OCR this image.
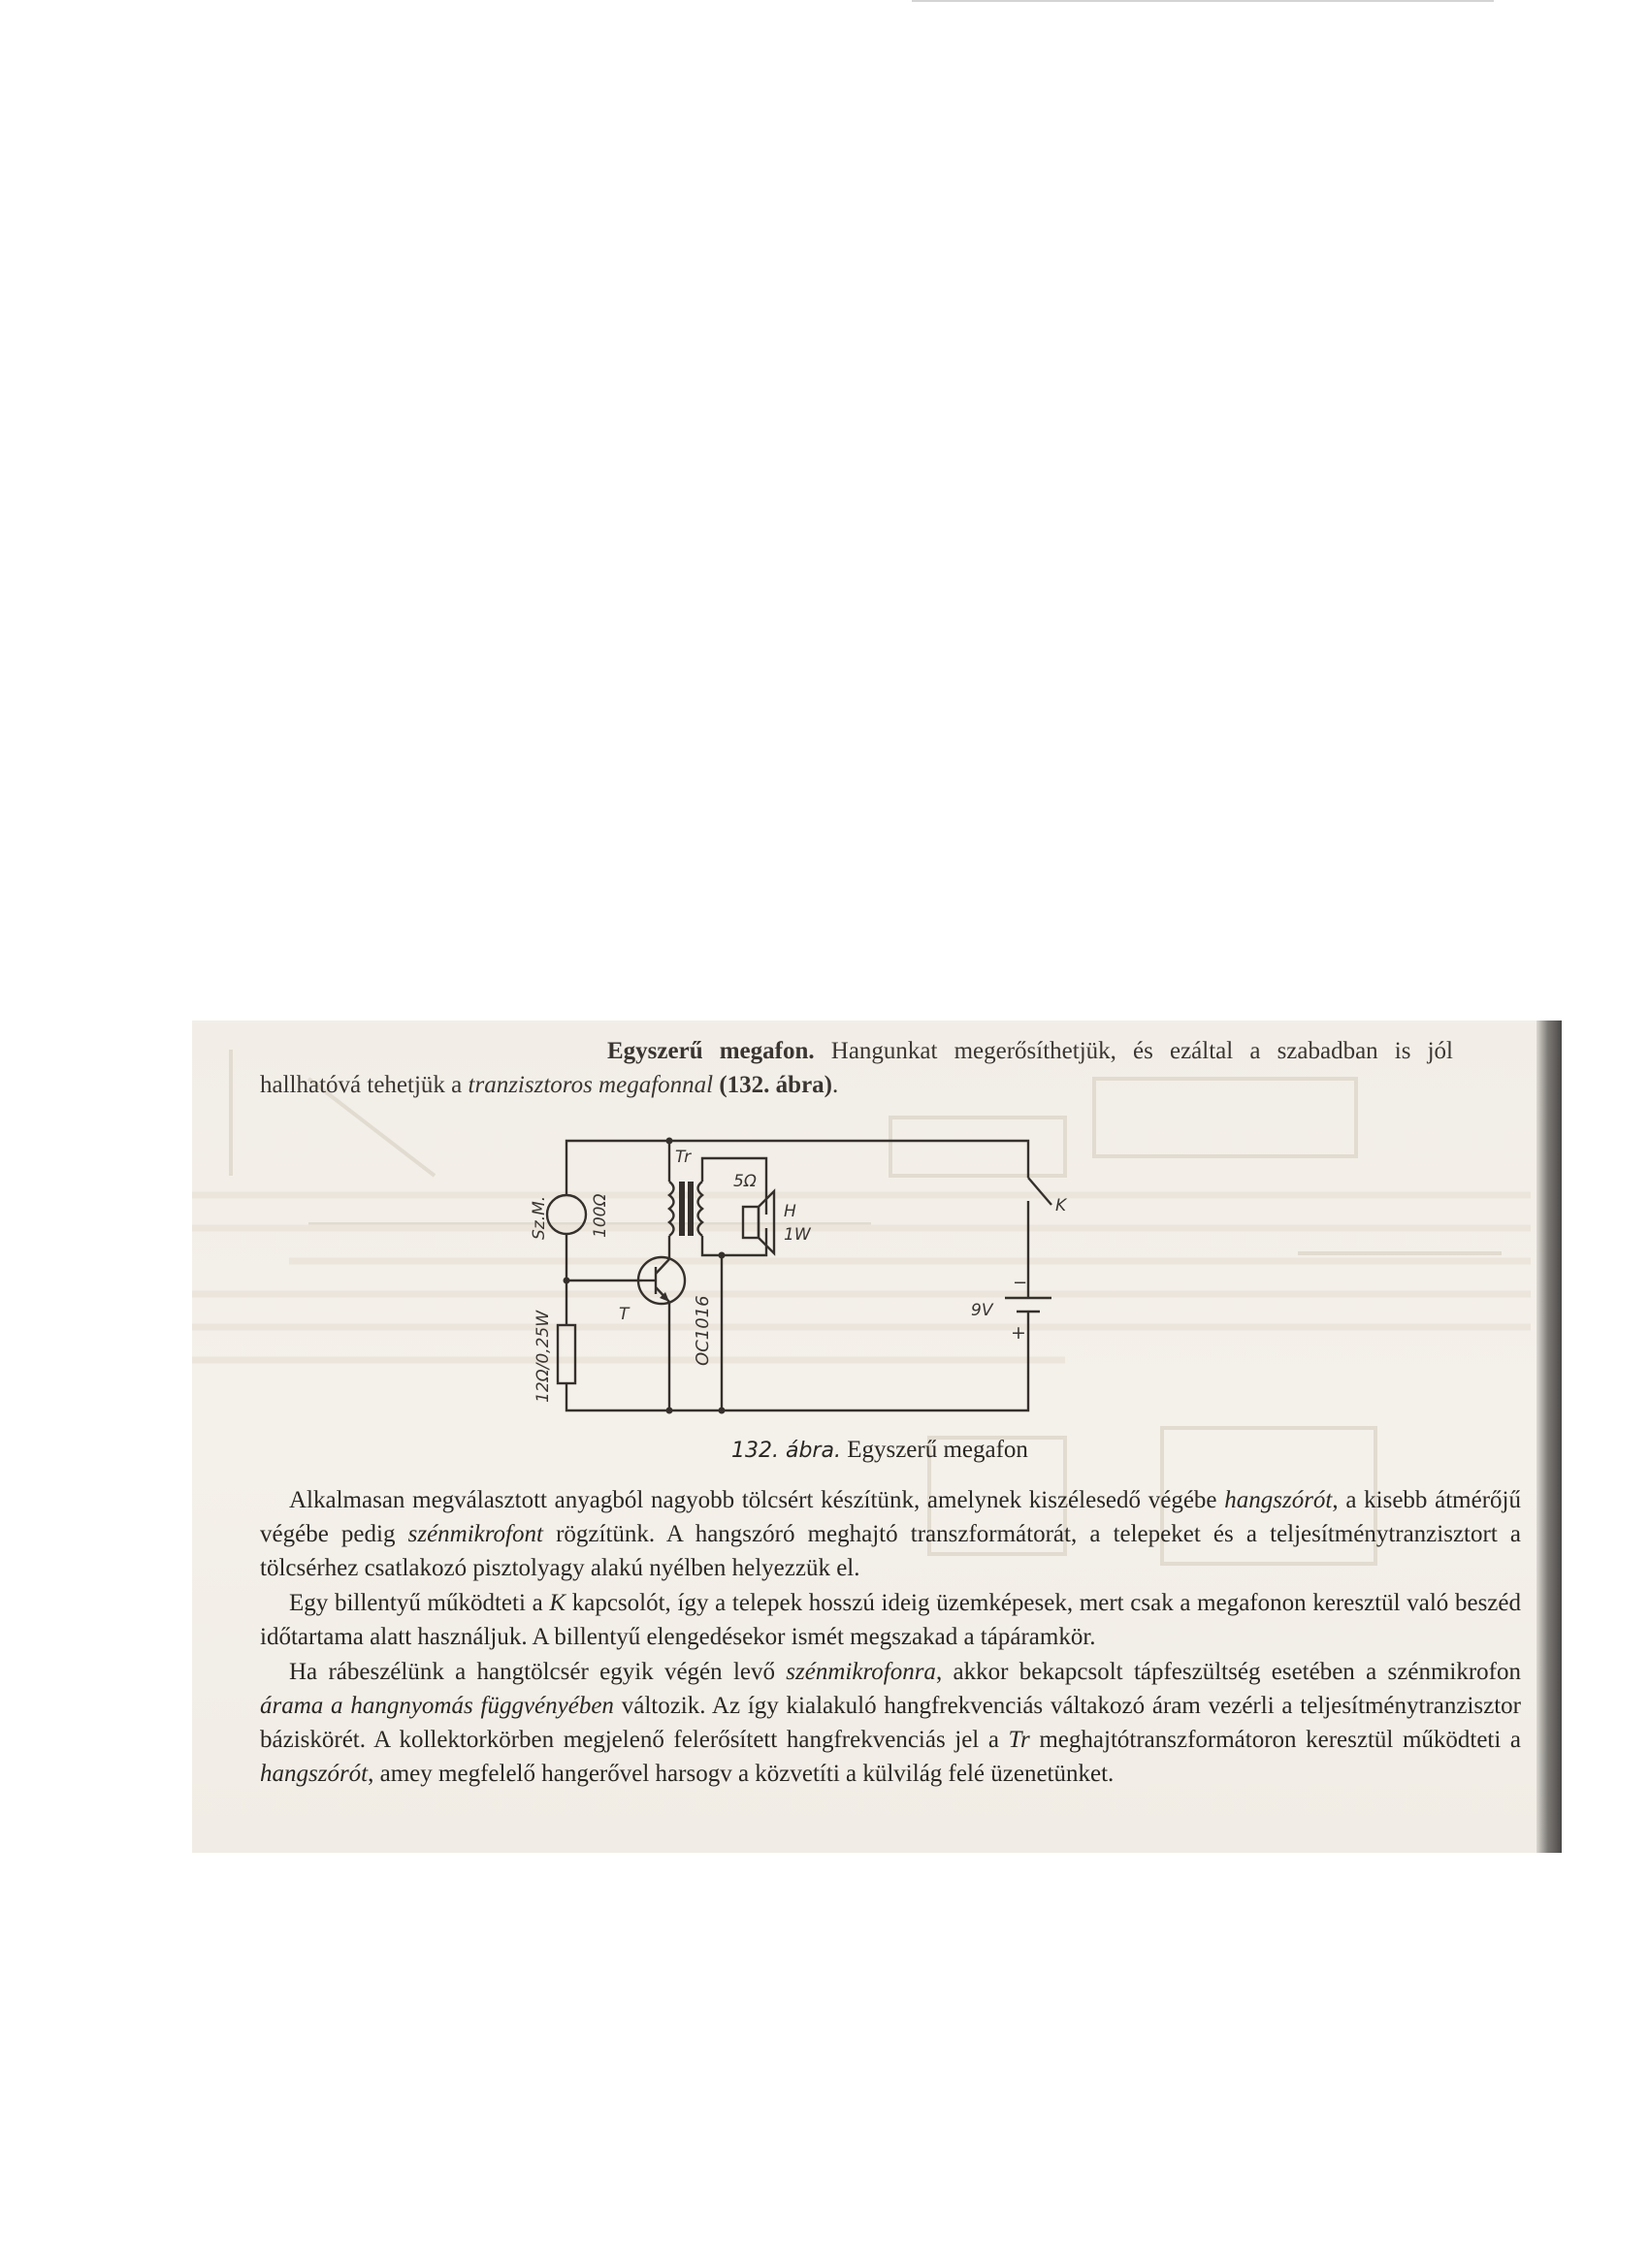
Egyszerű megafon. Hangunkat megerősíthetjük, és ezáltal a szabadban is jól hallhatóvá tehetjük a tranzisztoros megafonnal (132. ábra).

Sz.M.	100Ω
Tr
5Ω
H
1W
K
T	OC1016
12Ω/0,25W
−
9V
+

132. ábra. Egyszerű megafon

Alkalmasan megválasztott anyagból nagyobb tölcsért készítünk, amelynek kiszélesedő végébe hangszórót, a kisebb átmérőjű végébe pedig szénmikrofont rögzítünk. A hangszóró meghajtó transzformátorát, a telepeket és a teljesítménytranzisztort a tölcsérhez csatlakozó pisztolyagy alakú nyélben helyezzük el.

Egy billentyű működteti a K kapcsolót, így a telepek hosszú ideig üzemképesek, mert csak a megafonon keresztül való beszéd időtartama alatt használjuk. A billentyű elengedésekor ismét megszakad a tápáramkör.

Ha rábeszélünk a hangtölcsér egyik végén levő szénmikrofonra, akkor bekapcsolt tápfeszültség esetében a szénmikrofon árama a hangnyomás függvényében változik. Az így kialakuló hangfrekvenciás váltakozó áram vezérli a teljesítménytranzisztor báziskörét. A kollektorkörben megjelenő felerősített hangfrekvenciás jel a Tr meghajtótranszformátoron keresztül működteti a hangszórót, amey megfelelő hangerővel harsogv a közvetíti a külvilág felé üzenetünket.
